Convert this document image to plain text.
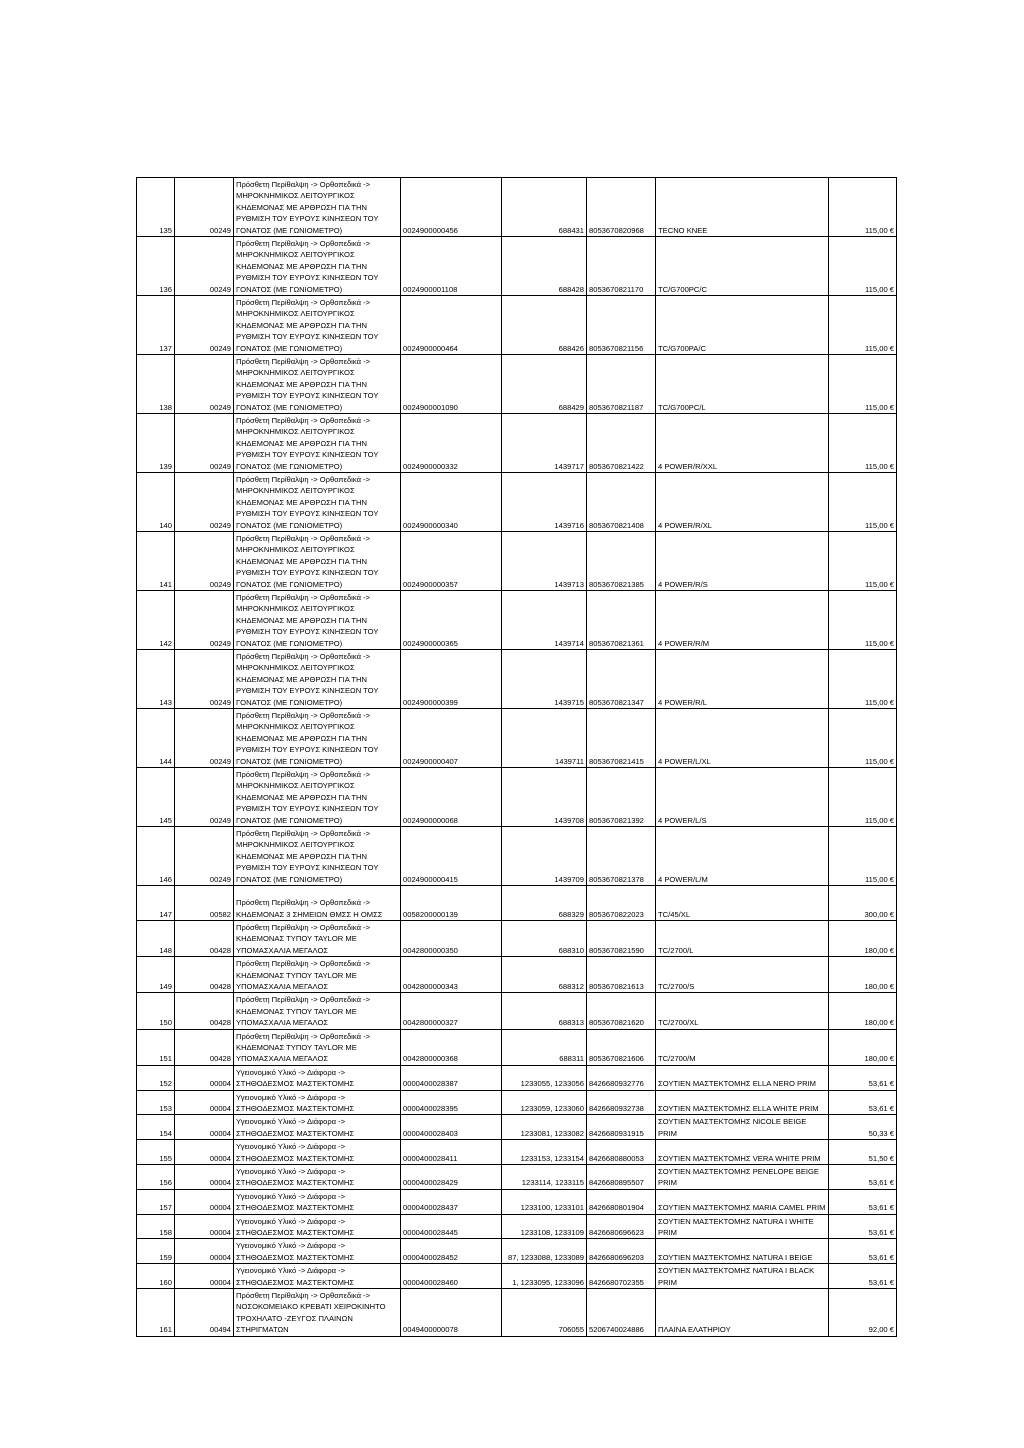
135	00249	Πρόσθετη Περίθαλψη -> Ορθοπεδικά ->
ΜΗΡΟΚΝΗΜΙΚΟΣ ΛΕΙΤΟΥΡΓΙΚΟΣ
ΚΗΔΕΜΟΝΑΣ ΜΕ ΑΡΘΡΩΣΗ ΓΙΑ ΤΗΝ
ΡΥΘΜΙΣΗ ΤΟΥ ΕΥΡΟΥΣ ΚΙΝΗΣΕΩΝ ΤΟΥ
ΓΟΝΑΤΟΣ (ΜΕ ΓΩΝΙΟΜΕΤΡΟ)	0024900000456	688431	8053670820968	TECNO KNEE	115,00 €
136	00249	Πρόσθετη Περίθαλψη -> Ορθοπεδικά ->
ΜΗΡΟΚΝΗΜΙΚΟΣ ΛΕΙΤΟΥΡΓΙΚΟΣ
ΚΗΔΕΜΟΝΑΣ ΜΕ ΑΡΘΡΩΣΗ ΓΙΑ ΤΗΝ
ΡΥΘΜΙΣΗ ΤΟΥ ΕΥΡΟΥΣ ΚΙΝΗΣΕΩΝ ΤΟΥ
ΓΟΝΑΤΟΣ (ΜΕ ΓΩΝΙΟΜΕΤΡΟ)	0024900001108	688428	8053670821170	TC/G700PC/C	115,00 €
137	00249	Πρόσθετη Περίθαλψη -> Ορθοπεδικά ->
ΜΗΡΟΚΝΗΜΙΚΟΣ ΛΕΙΤΟΥΡΓΙΚΟΣ
ΚΗΔΕΜΟΝΑΣ ΜΕ ΑΡΘΡΩΣΗ ΓΙΑ ΤΗΝ
ΡΥΘΜΙΣΗ ΤΟΥ ΕΥΡΟΥΣ ΚΙΝΗΣΕΩΝ ΤΟΥ
ΓΟΝΑΤΟΣ (ΜΕ ΓΩΝΙΟΜΕΤΡΟ)	0024900000464	688426	8053670821156	TC/G700PA/C	115,00 €
138	00249	Πρόσθετη Περίθαλψη -> Ορθοπεδικά ->
ΜΗΡΟΚΝΗΜΙΚΟΣ ΛΕΙΤΟΥΡΓΙΚΟΣ
ΚΗΔΕΜΟΝΑΣ ΜΕ ΑΡΘΡΩΣΗ ΓΙΑ ΤΗΝ
ΡΥΘΜΙΣΗ ΤΟΥ ΕΥΡΟΥΣ ΚΙΝΗΣΕΩΝ ΤΟΥ
ΓΟΝΑΤΟΣ (ΜΕ ΓΩΝΙΟΜΕΤΡΟ)	0024900001090	688429	8053670821187	TC/G700PC/L	115,00 €
139	00249	Πρόσθετη Περίθαλψη -> Ορθοπεδικά ->
ΜΗΡΟΚΝΗΜΙΚΟΣ ΛΕΙΤΟΥΡΓΙΚΟΣ
ΚΗΔΕΜΟΝΑΣ ΜΕ ΑΡΘΡΩΣΗ ΓΙΑ ΤΗΝ
ΡΥΘΜΙΣΗ ΤΟΥ ΕΥΡΟΥΣ ΚΙΝΗΣΕΩΝ ΤΟΥ
ΓΟΝΑΤΟΣ (ΜΕ ΓΩΝΙΟΜΕΤΡΟ)	0024900000332	1439717	8053670821422	4 POWER/R/XXL	115,00 €
140	00249	Πρόσθετη Περίθαλψη -> Ορθοπεδικά ->
ΜΗΡΟΚΝΗΜΙΚΟΣ ΛΕΙΤΟΥΡΓΙΚΟΣ
ΚΗΔΕΜΟΝΑΣ ΜΕ ΑΡΘΡΩΣΗ ΓΙΑ ΤΗΝ
ΡΥΘΜΙΣΗ ΤΟΥ ΕΥΡΟΥΣ ΚΙΝΗΣΕΩΝ ΤΟΥ
ΓΟΝΑΤΟΣ (ΜΕ ΓΩΝΙΟΜΕΤΡΟ)	0024900000340	1439716	8053670821408	4 POWER/R/XL	115,00 €
141	00249	Πρόσθετη Περίθαλψη -> Ορθοπεδικά ->
ΜΗΡΟΚΝΗΜΙΚΟΣ ΛΕΙΤΟΥΡΓΙΚΟΣ
ΚΗΔΕΜΟΝΑΣ ΜΕ ΑΡΘΡΩΣΗ ΓΙΑ ΤΗΝ
ΡΥΘΜΙΣΗ ΤΟΥ ΕΥΡΟΥΣ ΚΙΝΗΣΕΩΝ ΤΟΥ
ΓΟΝΑΤΟΣ (ΜΕ ΓΩΝΙΟΜΕΤΡΟ)	0024900000357	1439713	8053670821385	4 POWER/R/S	115,00 €
142	00249	Πρόσθετη Περίθαλψη -> Ορθοπεδικά ->
ΜΗΡΟΚΝΗΜΙΚΟΣ ΛΕΙΤΟΥΡΓΙΚΟΣ
ΚΗΔΕΜΟΝΑΣ ΜΕ ΑΡΘΡΩΣΗ ΓΙΑ ΤΗΝ
ΡΥΘΜΙΣΗ ΤΟΥ ΕΥΡΟΥΣ ΚΙΝΗΣΕΩΝ ΤΟΥ
ΓΟΝΑΤΟΣ (ΜΕ ΓΩΝΙΟΜΕΤΡΟ)	0024900000365	1439714	8053670821361	4 POWER/R/M	115,00 €
143	00249	Πρόσθετη Περίθαλψη -> Ορθοπεδικά ->
ΜΗΡΟΚΝΗΜΙΚΟΣ ΛΕΙΤΟΥΡΓΙΚΟΣ
ΚΗΔΕΜΟΝΑΣ ΜΕ ΑΡΘΡΩΣΗ ΓΙΑ ΤΗΝ
ΡΥΘΜΙΣΗ ΤΟΥ ΕΥΡΟΥΣ ΚΙΝΗΣΕΩΝ ΤΟΥ
ΓΟΝΑΤΟΣ (ΜΕ ΓΩΝΙΟΜΕΤΡΟ)	0024900000399	1439715	8053670821347	4 POWER/R/L	115,00 €
144	00249	Πρόσθετη Περίθαλψη -> Ορθοπεδικά ->
ΜΗΡΟΚΝΗΜΙΚΟΣ ΛΕΙΤΟΥΡΓΙΚΟΣ
ΚΗΔΕΜΟΝΑΣ ΜΕ ΑΡΘΡΩΣΗ ΓΙΑ ΤΗΝ
ΡΥΘΜΙΣΗ ΤΟΥ ΕΥΡΟΥΣ ΚΙΝΗΣΕΩΝ ΤΟΥ
ΓΟΝΑΤΟΣ (ΜΕ ΓΩΝΙΟΜΕΤΡΟ)	0024900000407	1439711	8053670821415	4 POWER/L/XL	115,00 €
145	00249	Πρόσθετη Περίθαλψη -> Ορθοπεδικά ->
ΜΗΡΟΚΝΗΜΙΚΟΣ ΛΕΙΤΟΥΡΓΙΚΟΣ
ΚΗΔΕΜΟΝΑΣ ΜΕ ΑΡΘΡΩΣΗ ΓΙΑ ΤΗΝ
ΡΥΘΜΙΣΗ ΤΟΥ ΕΥΡΟΥΣ ΚΙΝΗΣΕΩΝ ΤΟΥ
ΓΟΝΑΤΟΣ (ΜΕ ΓΩΝΙΟΜΕΤΡΟ)	0024900000068	1439708	8053670821392	4 POWER/L/S	115,00 €
146	00249	Πρόσθετη Περίθαλψη -> Ορθοπεδικά ->
ΜΗΡΟΚΝΗΜΙΚΟΣ ΛΕΙΤΟΥΡΓΙΚΟΣ
ΚΗΔΕΜΟΝΑΣ ΜΕ ΑΡΘΡΩΣΗ ΓΙΑ ΤΗΝ
ΡΥΘΜΙΣΗ ΤΟΥ ΕΥΡΟΥΣ ΚΙΝΗΣΕΩΝ ΤΟΥ
ΓΟΝΑΤΟΣ (ΜΕ ΓΩΝΙΟΜΕΤΡΟ)	0024900000415	1439709	8053670821378	4 POWER/L/M	115,00 €
147	00582	Πρόσθετη Περίθαλψη -> Ορθοπεδικά ->
ΚΗΔΕΜΟΝΑΣ 3 ΣΗΜΕΙΩΝ ΘΜΣΣ Η ΟΜΣΣ	0058200000139	688329	8053670822023	TC/45/XL	300,00 €
148	00428	Πρόσθετη Περίθαλψη -> Ορθοπεδικά ->
ΚΗΔΕΜΟΝΑΣ ΤΥΠΟΥ TAYLOR ΜΕ
ΥΠΟΜΑΣΧΑΛΙΑ ΜΕΓΑΛΟΣ	0042800000350	688310	8053670821590	TC/2700/L	180,00 €
149	00428	Πρόσθετη Περίθαλψη -> Ορθοπεδικά ->
ΚΗΔΕΜΟΝΑΣ ΤΥΠΟΥ TAYLOR ΜΕ
ΥΠΟΜΑΣΧΑΛΙΑ ΜΕΓΑΛΟΣ	0042800000343	688312	8053670821613	TC/2700/S	180,00 €
150	00428	Πρόσθετη Περίθαλψη -> Ορθοπεδικά ->
ΚΗΔΕΜΟΝΑΣ ΤΥΠΟΥ TAYLOR ΜΕ
ΥΠΟΜΑΣΧΑΛΙΑ ΜΕΓΑΛΟΣ	0042800000327	688313	8053670821620	TC/2700/XL	180,00 €
151	00428	Πρόσθετη Περίθαλψη -> Ορθοπεδικά ->
ΚΗΔΕΜΟΝΑΣ ΤΥΠΟΥ TAYLOR ΜΕ
ΥΠΟΜΑΣΧΑΛΙΑ ΜΕΓΑΛΟΣ	0042800000368	688311	8053670821606	TC/2700/M	180,00 €
152	00004	Υγειονομικό Υλικό -> Διάφορα ->
ΣΤΗΘΟΔΕΣΜΟΣ ΜΑΣΤΕΚΤΟΜΗΣ	0000400028387	1233055, 1233056	8426680932776	ΣΟΥΤΙΕΝ ΜΑΣΤΕΚΤΟΜΗΣ ELLA NERO PRIM	53,61 €
153	00004	Υγειονομικό Υλικό -> Διάφορα ->
ΣΤΗΘΟΔΕΣΜΟΣ ΜΑΣΤΕΚΤΟΜΗΣ	0000400028395	1233059, 1233060	8426680932738	ΣΟΥΤΙΕΝ ΜΑΣΤΕΚΤΟΜΗΣ ELLA WHITE PRIM	53,61 €
154	00004	Υγειονομικό Υλικό -> Διάφορα ->
ΣΤΗΘΟΔΕΣΜΟΣ ΜΑΣΤΕΚΤΟΜΗΣ	0000400028403	1233081, 1233082	8426680931915	ΣΟΥΤΙΕΝ ΜΑΣΤΕΚΤΟΜΗΣ NICOLE BEIGE PRIM	50,33 €
155	00004	Υγειονομικό Υλικό -> Διάφορα ->
ΣΤΗΘΟΔΕΣΜΟΣ ΜΑΣΤΕΚΤΟΜΗΣ	0000400028411	1233153, 1233154	8426680880053	ΣΟΥΤΙΕΝ ΜΑΣΤΕΚΤΟΜΗΣ VERA WHITE PRIM	51,50 €
156	00004	Υγειονομικό Υλικό -> Διάφορα ->
ΣΤΗΘΟΔΕΣΜΟΣ ΜΑΣΤΕΚΤΟΜΗΣ	0000400028429	1233114, 1233115	8426680895507	ΣΟΥΤΙΕΝ ΜΑΣΤΕΚΤΟΜΗΣ PENELOPE BEIGE
PRIM	53,61 €
157	00004	Υγειονομικό Υλικό -> Διάφορα ->
ΣΤΗΘΟΔΕΣΜΟΣ ΜΑΣΤΕΚΤΟΜΗΣ	0000400028437	1233100, 1233101	8426680801904	ΣΟΥΤΙΕΝ ΜΑΣΤΕΚΤΟΜΗΣ MARIA CAMEL PRIM	53,61 €
158	00004	Υγειονομικό Υλικό -> Διάφορα ->
ΣΤΗΘΟΔΕΣΜΟΣ ΜΑΣΤΕΚΤΟΜΗΣ	0000400028445	1233108, 1233109	8426680696623	ΣΟΥΤΙΕΝ ΜΑΣΤΕΚΤΟΜΗΣ NATURA I WHITE
PRIM	53,61 €
159	00004	Υγειονομικό Υλικό -> Διάφορα ->
ΣΤΗΘΟΔΕΣΜΟΣ ΜΑΣΤΕΚΤΟΜΗΣ	0000400028452	87, 1233088, 1233089	8426680696203	ΣΟΥΤΙΕΝ ΜΑΣΤΕΚΤΟΜΗΣ NATURA I BEIGE	53,61 €
160	00004	Υγειονομικό Υλικό -> Διάφορα ->
ΣΤΗΘΟΔΕΣΜΟΣ ΜΑΣΤΕΚΤΟΜΗΣ	0000400028460	1, 1233095, 1233096	8426680702355	ΣΟΥΤΙΕΝ ΜΑΣΤΕΚΤΟΜΗΣ NATURA I BLACK
PRIM	53,61 €
161	00494	Πρόσθετη Περίθαλψη -> Ορθοπεδικά ->
ΝΟΣΟΚΟΜΕΙΑΚΟ ΚΡΕΒΑΤΙ ΧΕΙΡΟΚΙΝΗΤΟ
ΤΡΟΧΗΛΑΤΟ -ΖΕΥΓΟΣ ΠΛΑΙΝΩΝ
ΣΤΗΡΙΓΜΑΤΩΝ	0049400000078	706055	5206740024886	ΠΛΑΙΝΑ ΕΛΑΤΗΡΙΟΥ	92,00 €
